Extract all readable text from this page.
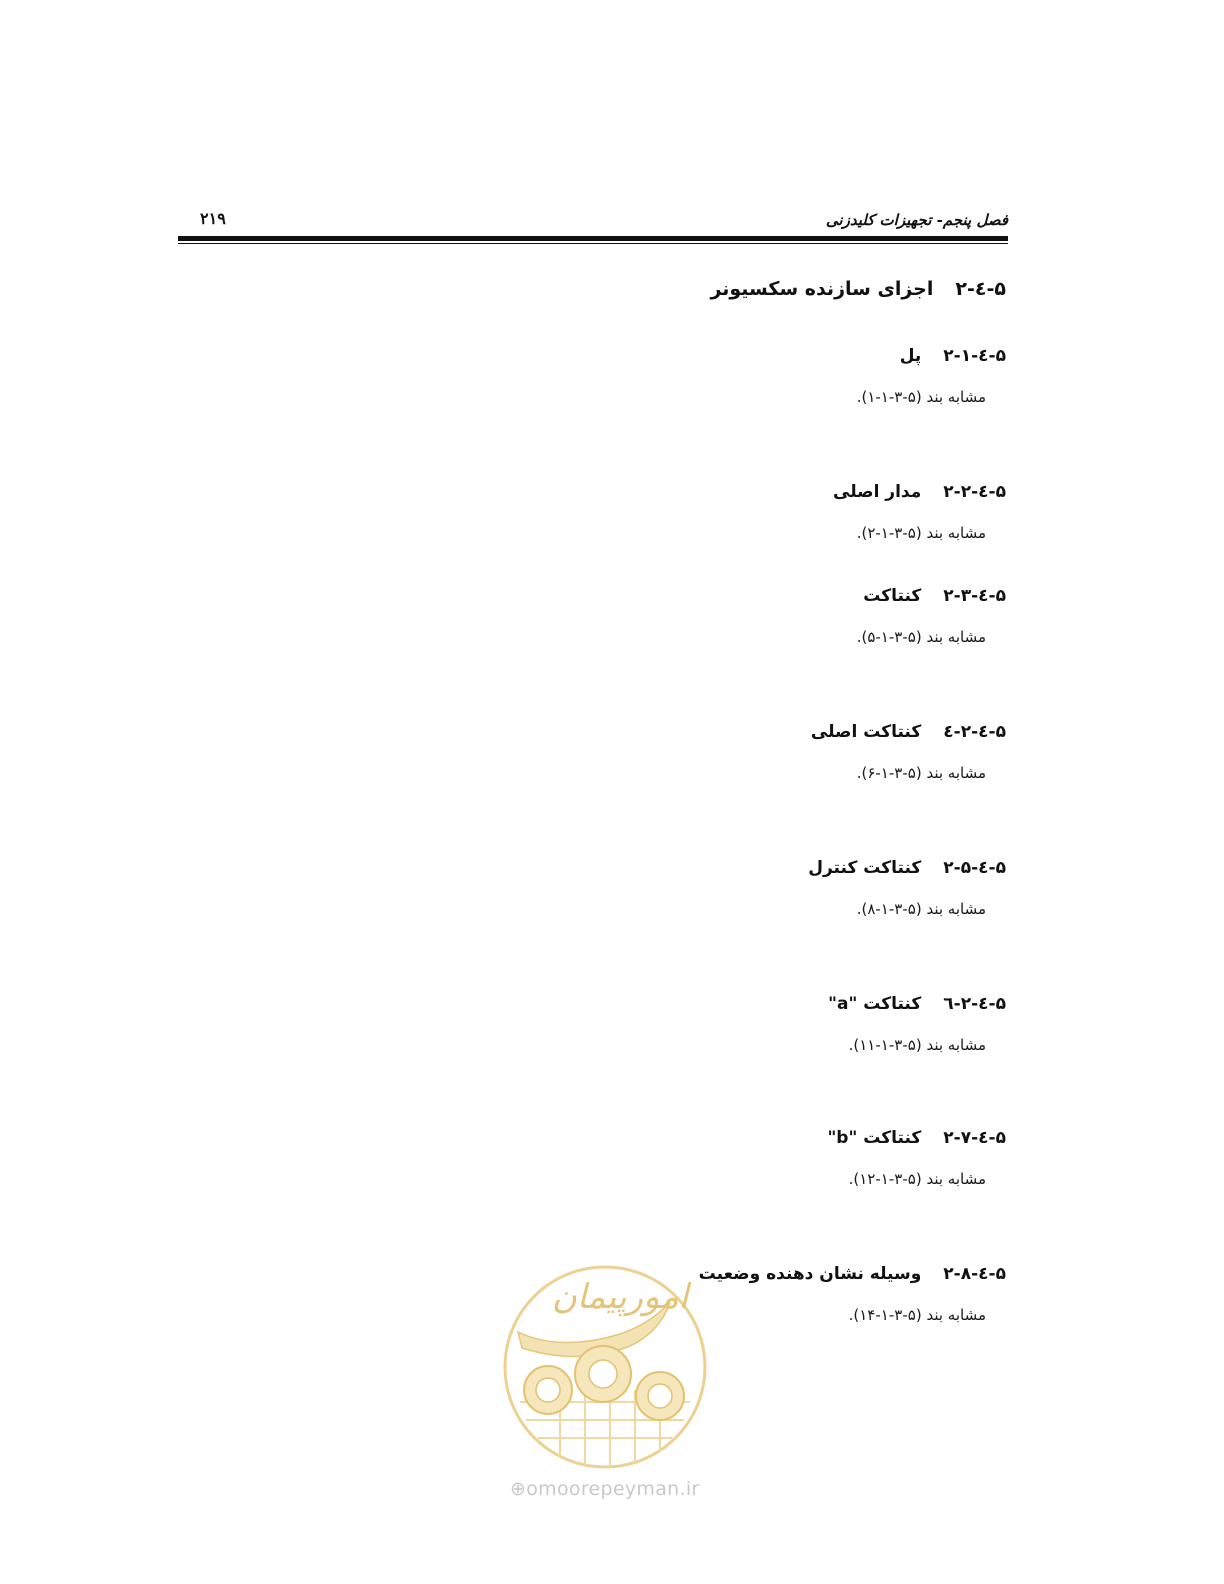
فصل پنجم- تجهیزات کلیدزنی
۲۱۹
۵-٤-۲اجزای سازنده سکسیونر
۵-٤-۲-۱پل
مشابه بند (۵-۳-۱-۱).
۵-٤-۲-۲مدار اصلی
مشابه بند (۵-۳-۱-۲).
۵-٤-۲-۳کنتاکت
مشابه بند (۵-۳-۱-۵).
۵-٤-۲-٤کنتاکت اصلی
مشابه بند (۵-۳-۱-۶).
۵-٤-۲-۵کنتاکت کنترل
مشابه بند (۵-۳-۱-۸).
۵-٤-۲-٦کنتاکت "a"
مشابه بند (۵-۳-۱-۱۱).
۵-٤-۲-۷کنتاکت "b"
مشابه بند (۵-۳-۱-۱۲).
۵-٤-۲-۸وسیله نشان دهنده وضعیت
مشابه بند (۵-۳-۱-۱۴).
امورپیمان
⊕omoorepeyman.ir
